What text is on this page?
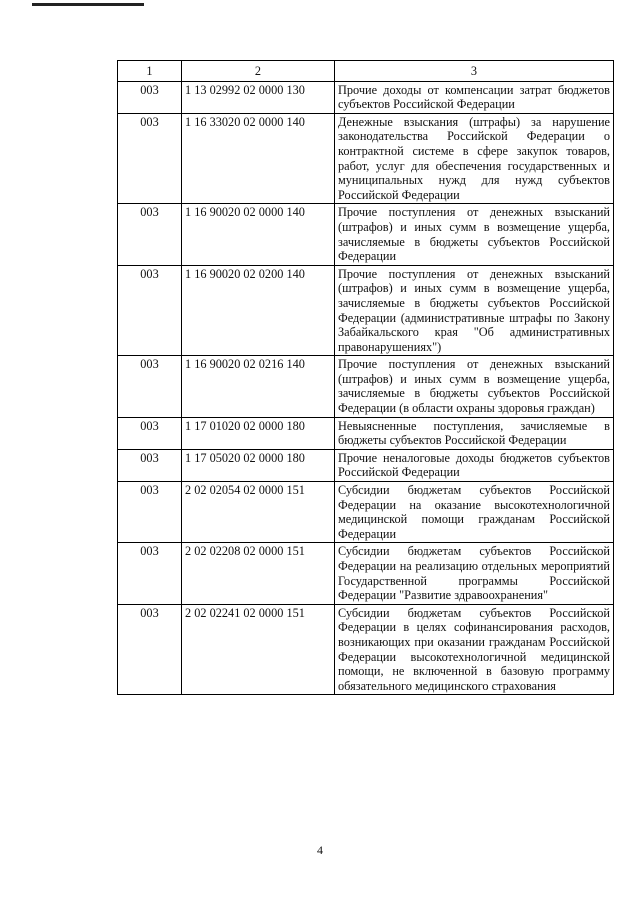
1	2	3
003	1 13 02992 02 0000 130	Прочие доходы от компенсации затрат бюджетов субъектов Российской Федерации
003	1 16 33020 02 0000 140	Денежные взыскания (штрафы) за нарушение законодательства Российской Федерации о контрактной системе в сфере закупок товаров, работ, услуг для обеспечения государственных и муниципальных нужд для нужд субъектов Российской Федерации
003	1 16 90020 02 0000 140	Прочие поступления от денежных взысканий (штрафов) и иных сумм в возмещение ущерба, зачисляемые в бюджеты субъектов Российской Федерации
003	1 16 90020 02 0200 140	Прочие поступления от денежных взысканий (штрафов) и иных сумм в возмещение ущерба, зачисляемые в бюджеты субъектов Российской Федерации (административные штрафы по Закону Забайкальского края "Об административных правонарушениях")
003	1 16 90020 02 0216 140	Прочие поступления от денежных взысканий (штрафов) и иных сумм в возмещение ущерба, зачисляемые в бюджеты субъектов Российской Федерации (в области охраны здоровья граждан)
003	1 17 01020 02 0000 180	Невыясненные поступления, зачисляемые в бюджеты субъектов Российской Федерации
003	1 17 05020 02 0000 180	Прочие неналоговые доходы бюджетов субъектов Российской Федерации
003	2 02 02054 02 0000 151	Субсидии бюджетам субъектов Российской Федерации на оказание высокотехнологичной медицинской помощи гражданам Российской Федерации
003	2 02 02208 02 0000 151	Субсидии бюджетам субъектов Российской Федерации на реализацию отдельных мероприятий Государственной программы Российской Федерации "Развитие здравоохранения"
003	2 02 02241 02 0000 151	Субсидии бюджетам субъектов Российской Федерации в целях софинансирования расходов, возникающих при оказании гражданам Российской Федерации высокотехнологичной медицинской помощи, не включенной в базовую программу обязательного медицинского страхования
4
